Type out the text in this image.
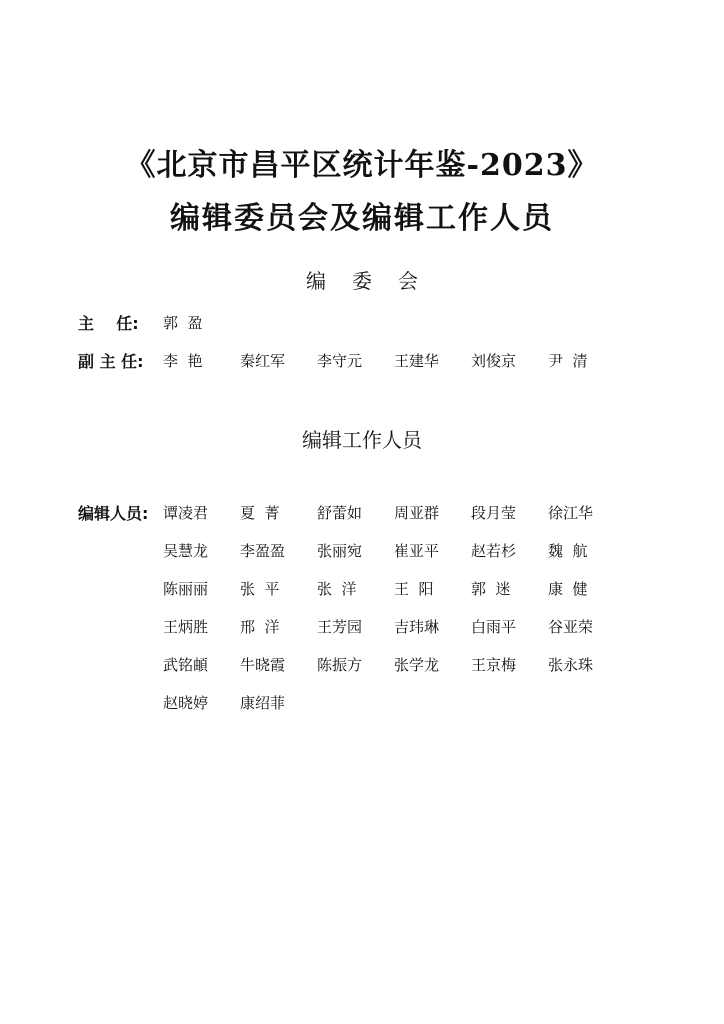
《北京市昌平区统计年鉴-2023》
编辑委员会及编辑工作人员
编委会
主    任: 郭  盈
副 主 任: 李  艳 秦红军 李守元 王建华 刘俊京 尹  清
编辑工作人员
编辑人员: 谭凌君 夏  菁 舒蕾如 周亚群 段月莹 徐江华
吴慧龙 李盈盈 张丽宛 崔亚平 赵若杉 魏  航
陈丽丽 张  平 张  洋 王  阳 郭  迷 康  健
王炳胜 邢  洋 王芳园 吉玮琳 白雨平 谷亚荣
武铭頔 牛晓霞 陈振方 张学龙 王京梅 张永珠
赵晓婷 康绍菲
